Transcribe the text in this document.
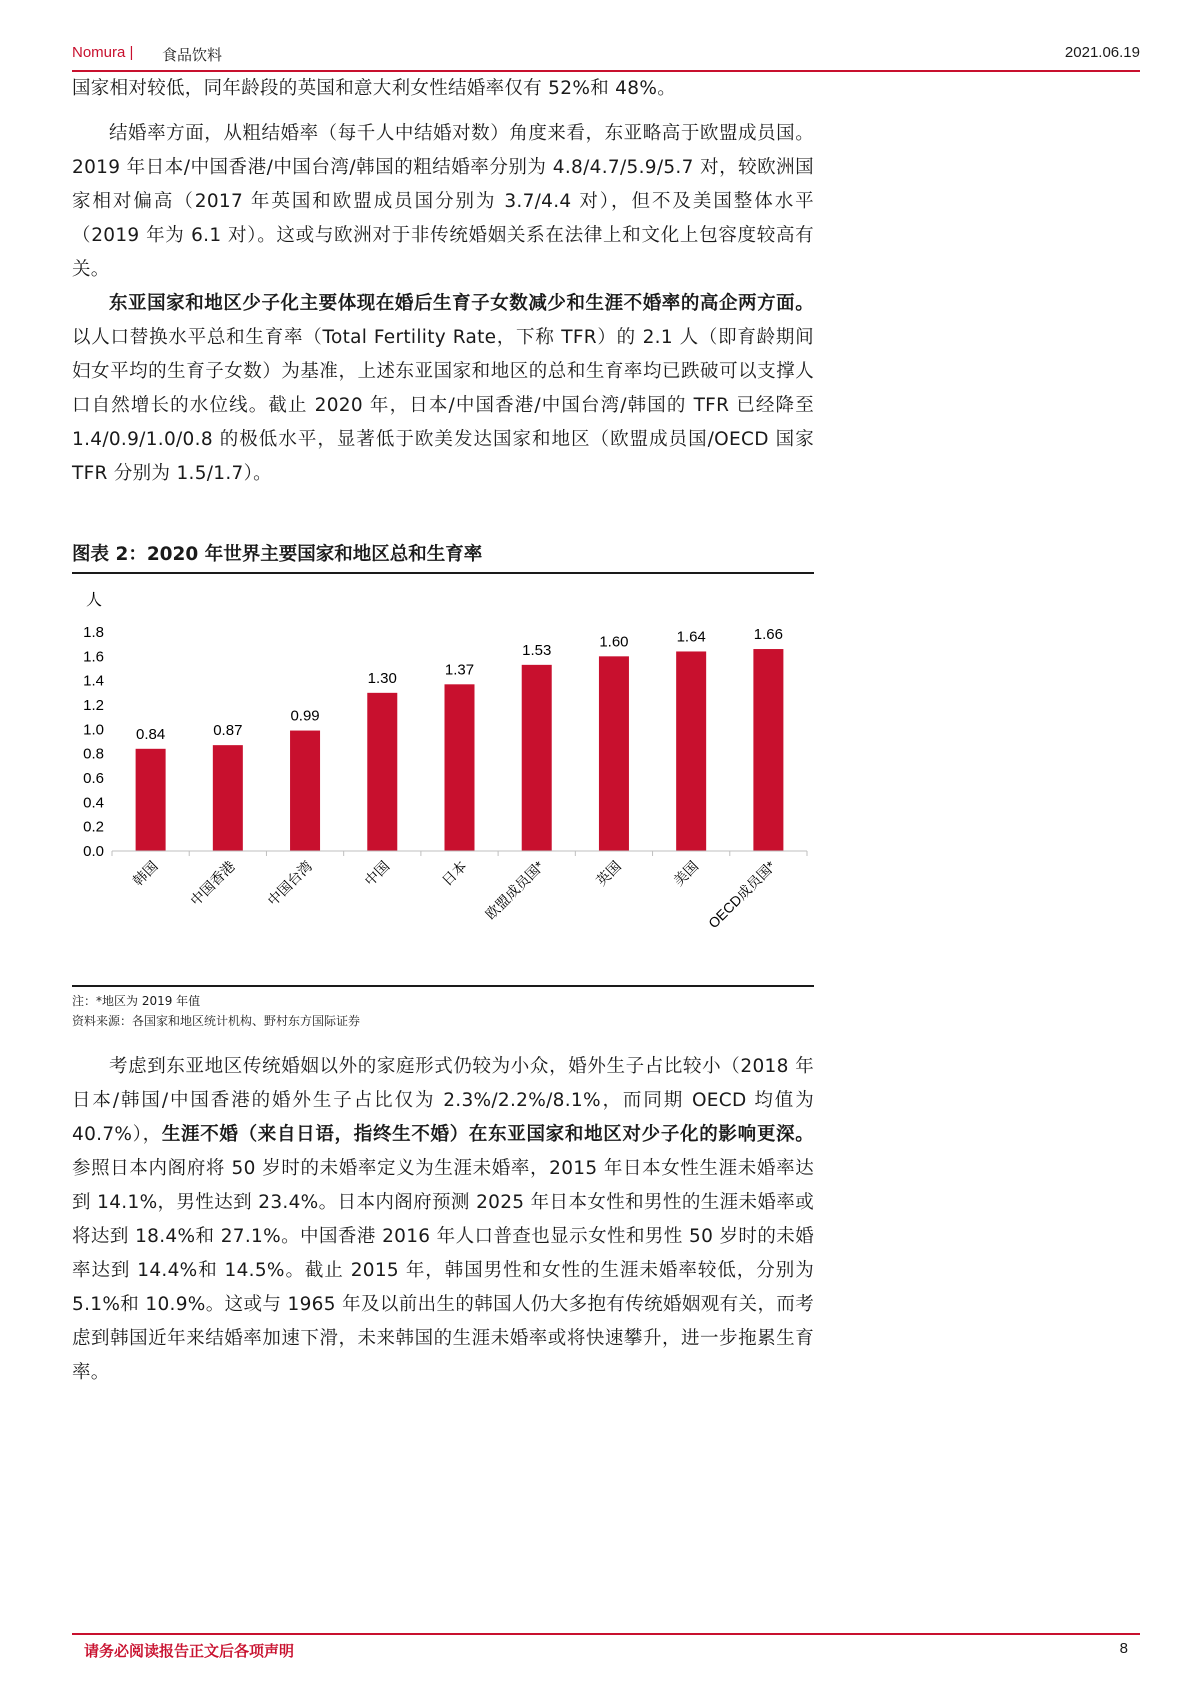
Nomura | 食品饮料	2021.06.19

国家相对较低，同年龄段的英国和意大利女性结婚率仅有 52%和 48%。

结婚率方面，从粗结婚率（每千人中结婚对数）角度来看，东亚略高于欧盟成员国。2019 年日本/中国香港/中国台湾/韩国的粗结婚率分别为 4.8/4.7/5.9/5.7 对，较欧洲国家相对偏高（2017 年英国和欧盟成员国分别为 3.7/4.4 对），但不及美国整体水平（2019 年为 6.1 对）。这或与欧洲对于非传统婚姻关系在法律上和文化上包容度较高有关。

东亚国家和地区少子化主要体现在婚后生育子女数减少和生涯不婚率的高企两方面。以人口替换水平总和生育率（Total Fertility Rate，下称 TFR）的 2.1 人（即育龄期间妇女平均的生育子女数）为基准，上述东亚国家和地区的总和生育率均已跌破可以支撑人口自然增长的水位线。截止 2020 年，日本/中国香港/中国台湾/韩国的 TFR 已经降至 1.4/0.9/1.0/0.8 的极低水平，显著低于欧美发达国家和地区（欧盟成员国/OECD 国家 TFR 分别为 1.5/1.7）。

图表 2：2020 年世界主要国家和地区总和生育率
人
0.0
0.2
0.4
0.6
0.8
1.0
1.2
1.4
1.6
1.8
0.84	0.87
0.99
1.30
1.37
1.53
1.60	1.64	1.66
韩国 中国香港 中国台湾	中国	日本 欧盟成员国*	英国	美国 OECD成员国*
注：*地区为 2019 年值
资料来源：各国家和地区统计机构、野村东方国际证券

考虑到东亚地区传统婚姻以外的家庭形式仍较为小众，婚外生子占比较小（2018 年日本/韩国/中国香港的婚外生子占比仅为 2.3%/2.2%/8.1%，而同期 OECD 均值为 40.7%），生涯不婚（来自日语，指终生不婚）在东亚国家和地区对少子化的影响更深。参照日本内阁府将 50 岁时的未婚率定义为生涯未婚率，2015 年日本女性生涯未婚率达到 14.1%，男性达到 23.4%。日本内阁府预测 2025 年日本女性和男性的生涯未婚率或将达到 18.4%和 27.1%。中国香港 2016 年人口普查也显示女性和男性 50 岁时的未婚率达到 14.4%和 14.5%。截止 2015 年，韩国男性和女性的生涯未婚率较低，分别为 5.1%和 10.9%。这或与 1965 年及以前出生的韩国人仍大多抱有传统婚姻观有关，而考虑到韩国近年来结婚率加速下滑，未来韩国的生涯未婚率或将快速攀升，进一步拖累生育率。

请务必阅读报告正文后各项声明	8
